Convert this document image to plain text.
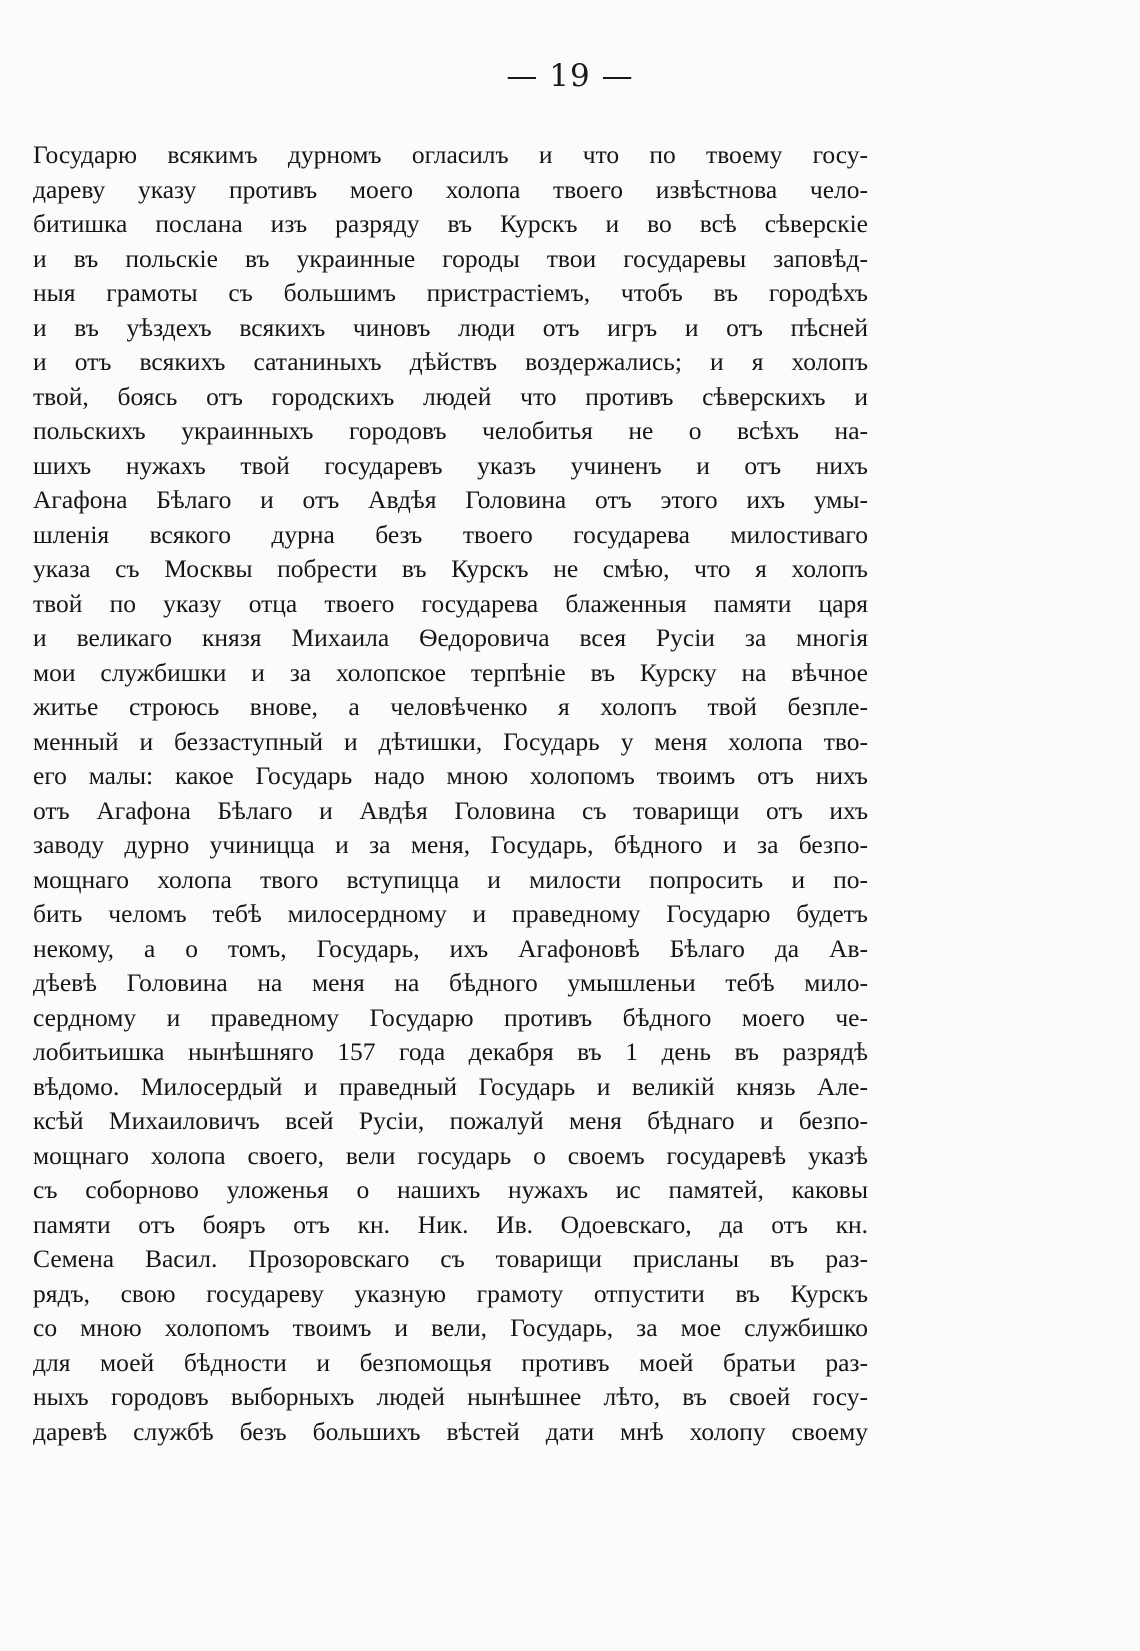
— 19 —
Государю всякимъ дурномъ огласилъ и что по твоему госу-
дареву указу противъ моего холопа твоего извѣстнова чело-
битишка послана изъ разряду въ Курскъ и во всѣ сѣверскіе
и въ польскіе въ украинные городы твои государевы заповѣд-
ныя грамоты съ большимъ пристрастіемъ, чтобъ въ городѣхъ
и въ уѣздехъ всякихъ чиновъ люди отъ игръ и отъ пѣсней
и отъ всякихъ сатаниныхъ дѣйствъ воздержались; и я холопъ
твой, боясь отъ городскихъ людей что противъ сѣверскихъ и
польскихъ украинныхъ городовъ челобитья не о всѣхъ на-
шихъ нужахъ твой государевъ указъ учиненъ и отъ нихъ
Агафона Бѣлаго и отъ Авдѣя Головина отъ этого ихъ умы-
шленія всякого дурна безъ твоего государева милостиваго
указа съ Москвы побрести въ Курскъ не смѣю, что я холопъ
твой по указу отца твоего государева блаженныя памяти царя
и великаго князя Михаила Ѳедоровича всея Русіи за многія
мои службишки и за холопское терпѣніе въ Курску на вѣчное
житье строюсь внове, а человѣченко я холопъ твой безпле-
менный и беззаступный и дѣтишки, Государь у меня холопа тво-
его малы: какое Государь надо мною холопомъ твоимъ отъ нихъ
отъ Агафона Бѣлаго и Авдѣя Головина съ товарищи отъ ихъ
заводу дурно учиницца и за меня, Государь, бѣдного и за безпо-
мощнаго холопа твого вступицца и милости попросить и по-
бить челомъ тебѣ милосердному и праведному Государю будетъ
некому, а о томъ, Государь, ихъ Агафоновѣ Бѣлаго да Ав-
дѣевѣ Головина на меня на бѣдного умышленьи тебѣ мило-
сердному и праведному Государю противъ бѣдного моего че-
лобитьишка нынѣшняго 157 года декабря въ 1 день въ разрядѣ
вѣдомо. Милосердый и праведный Государь и великій князь Але-
ксѣй Михаиловичъ всей Русіи, пожалуй меня бѣднаго и безпо-
мощнаго холопа своего, вели государь о своемъ государевѣ указѣ
съ соборново уложенья о нашихъ нужахъ ис памятей, каковы
памяти отъ бояръ отъ кн. Ник. Ив. Одоевскаго, да отъ кн.
Семена Васил. Прозоровскаго съ товарищи присланы въ раз-
рядъ, свою государеву указную грамоту отпустити въ Курскъ
со мною холопомъ твоимъ и вели, Государь, за мое службишко
для моей бѣдности и безпомощья противъ моей братьи раз-
ныхъ городовъ выборныхъ людей нынѣшнее лѣто, въ своей госу-
даревѣ службѣ безъ большихъ вѣстей дати мнѣ холопу своему
